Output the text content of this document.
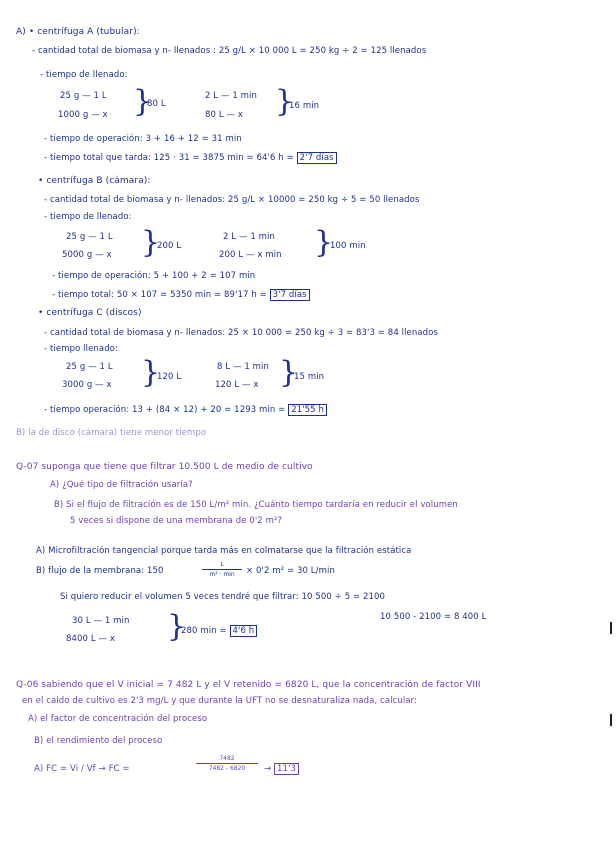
A) • centrífuga A (tubular):
- cantidad total de biomasa y n- llenados : 25 g/L × 10 000 L = 250 kg ÷ 2 = 125 llenados
- tiempo de llenado:
25 g — 1 L
1000 g — x }
80 L
2 L — 1 min
80 L — x }
16 min
- tiempo de operación: 3 + 16 + 12 = 31 min
- tiempo total que tarda: 125 · 31 = 3875 min = 64'6 h = 2'7 días
• centrífuga B (cámara):
- cantidad total de biomasa y n- llenados: 25 g/L × 10000 = 250 kg ÷ 5 = 50 llenados
- tiempo de llenado:
25 g — 1 L
5000 g — x }
200 L
2 L — 1 min
200 L — x min }
100 min
- tiempo de operación: 5 + 100 + 2 = 107 min
- tiempo total: 50 × 107 = 5350 min = 89'17 h = 3'7 días
• centrífuga C (discos)
- cantidad total de biomasa y n- llenados: 25 × 10 000 = 250 kg ÷ 3 = 83'3 = 84 llenados
- tiempo llenado:
25 g — 1 L
3000 g — x }
120 L
8 L — 1 min
120 L — x }
15 min
- tiempo operación: 13 + (84 × 12) + 20 = 1293 min = 21'55 h
B) la de disco (cámara) tiene menor tiempo
Q-07 suponga que tiene que filtrar 10.500 L de medio de cultivo
A) ¿Qué tipo de filtración usaría?
B) Si el flujo de filtración es de 150 L/m² min. ¿Cuánto tiempo tardaría en reducir el volumen
5 veces si dispone de una membrana de 0'2 m²?
A) Microfiltración tangencial porque tarda más en colmatarse que la filtración estática
B) flujo de la membrana: 150
L
m² · min	× 0'2 m² = 30 L/min
Si quiero reducir el volumen 5 veces tendré que filtrar: 10 500 ÷ 5 = 2100
10 500 - 2100 = 8 400 L
30 L — 1 min
8400 L — x }
280 min = 4'6 h
Q-06 sabiendo que el V inicial = 7 482 L y el V retenido = 6820 L, que la concentración de factor VIII
en el caldo de cultivo es 2'3 mg/L y que durante la UFT no se desnaturaliza nada, calcular:
A) el factor de concentración del proceso
B) el rendimiento del proceso
A) FC = Vi / Vf → FC =
7482
7482 - 6820	→ 11'3
